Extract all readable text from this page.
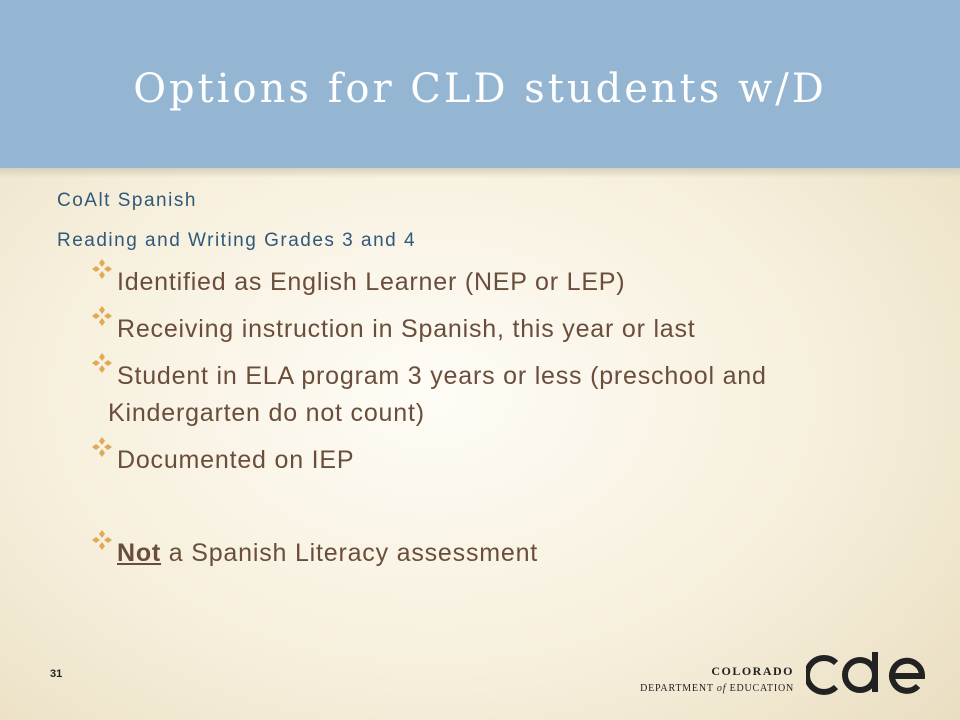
Options for CLD students w/D
CoAlt Spanish
Reading and Writing Grades 3 and 4
Identified as English Learner (NEP or LEP)
Receiving instruction in Spanish, this year or last
Student in ELA program 3 years or less (preschool and
Kindergarten do not count)
Documented on IEP
Not a Spanish Literacy assessment
31	COLORADO
DEPARTMENT of EDUCATION
